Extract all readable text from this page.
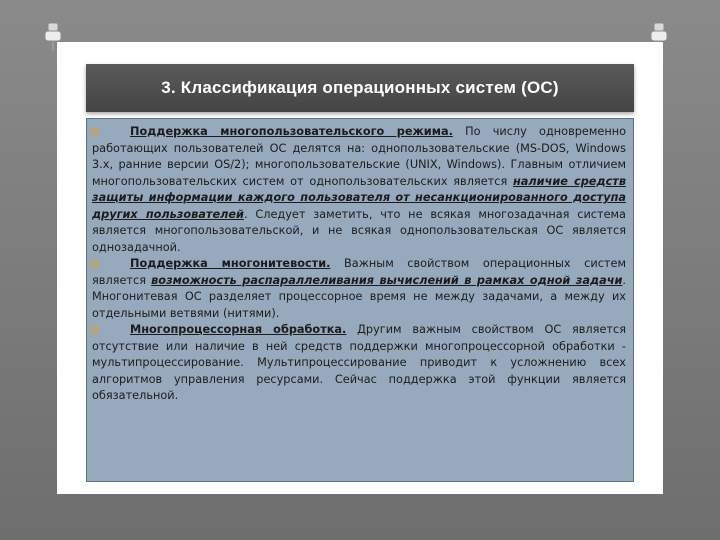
3. Классификация операционных систем (ОС)

Поддержка многопользовательского режима. По числу одновременно работающих пользователей ОС делятся на: однопользовательские (MS-DOS, Windows 3.x, ранние версии OS/2); многопользовательские (UNIX, Windows). Главным отличием многопользовательских систем от однопользовательских является наличие средств защиты информации каждого пользователя от несанкционированного доступа других пользователей. Следует заметить, что не всякая многозадачная система является многопользовательской, и не всякая однопользовательская ОС является однозадачной.

Поддержка многонитевости. Важным свойством операционных систем является возможность распараллеливания вычислений в рамках одной задачи. Многонитевая ОС разделяет процессорное время не между задачами, а между их отдельными ветвями (нитями).

Многопроцессорная обработка. Другим важным свойством ОС является отсутствие или наличие в ней средств поддержки многопроцессорной обработки - мультипроцессирование. Мультипроцессирование приводит к усложнению всех алгоритмов управления ресурсами. Сейчас поддержка этой функции является обязательной.
